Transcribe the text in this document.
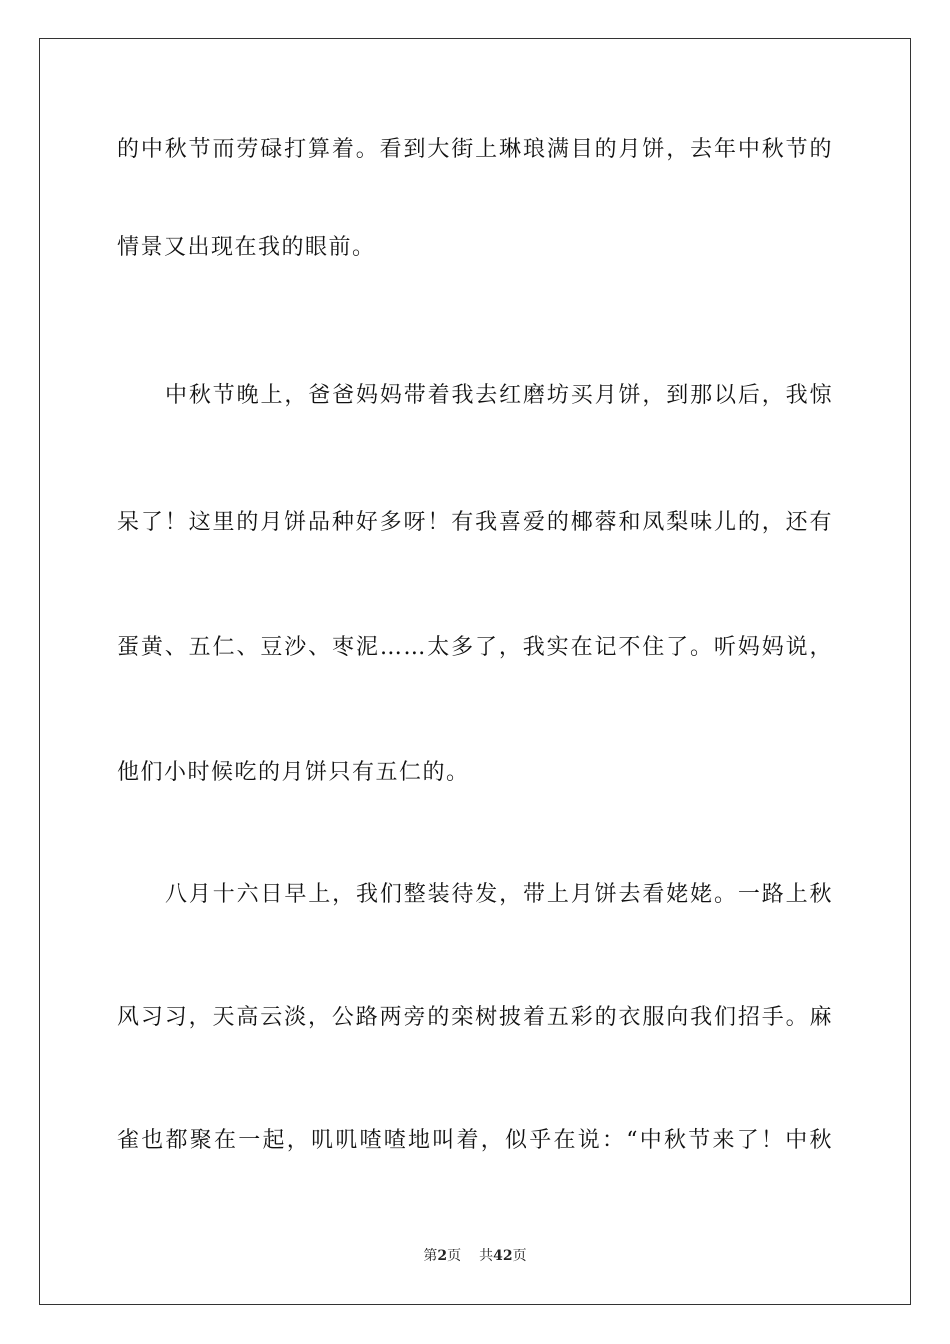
的中秋节而劳碌打算着。看到大街上琳琅满目的月饼，去年中秋节的
情景又出现在我的眼前。
中秋节晚上，爸爸妈妈带着我去红磨坊买月饼，到那以后，我惊
呆了！这里的月饼品种好多呀！有我喜爱的椰蓉和凤梨味儿的，还有
蛋黄、五仁、豆沙、枣泥……太多了，我实在记不住了。听妈妈说，
他们小时候吃的月饼只有五仁的。
八月十六日早上，我们整装待发，带上月饼去看姥姥。一路上秋
风习习，天高云淡，公路两旁的栾树披着五彩的衣服向我们招手。麻
雀也都聚在一起，叽叽喳喳地叫着，似乎在说：“中秋节来了！中秋
第2页 共42页
